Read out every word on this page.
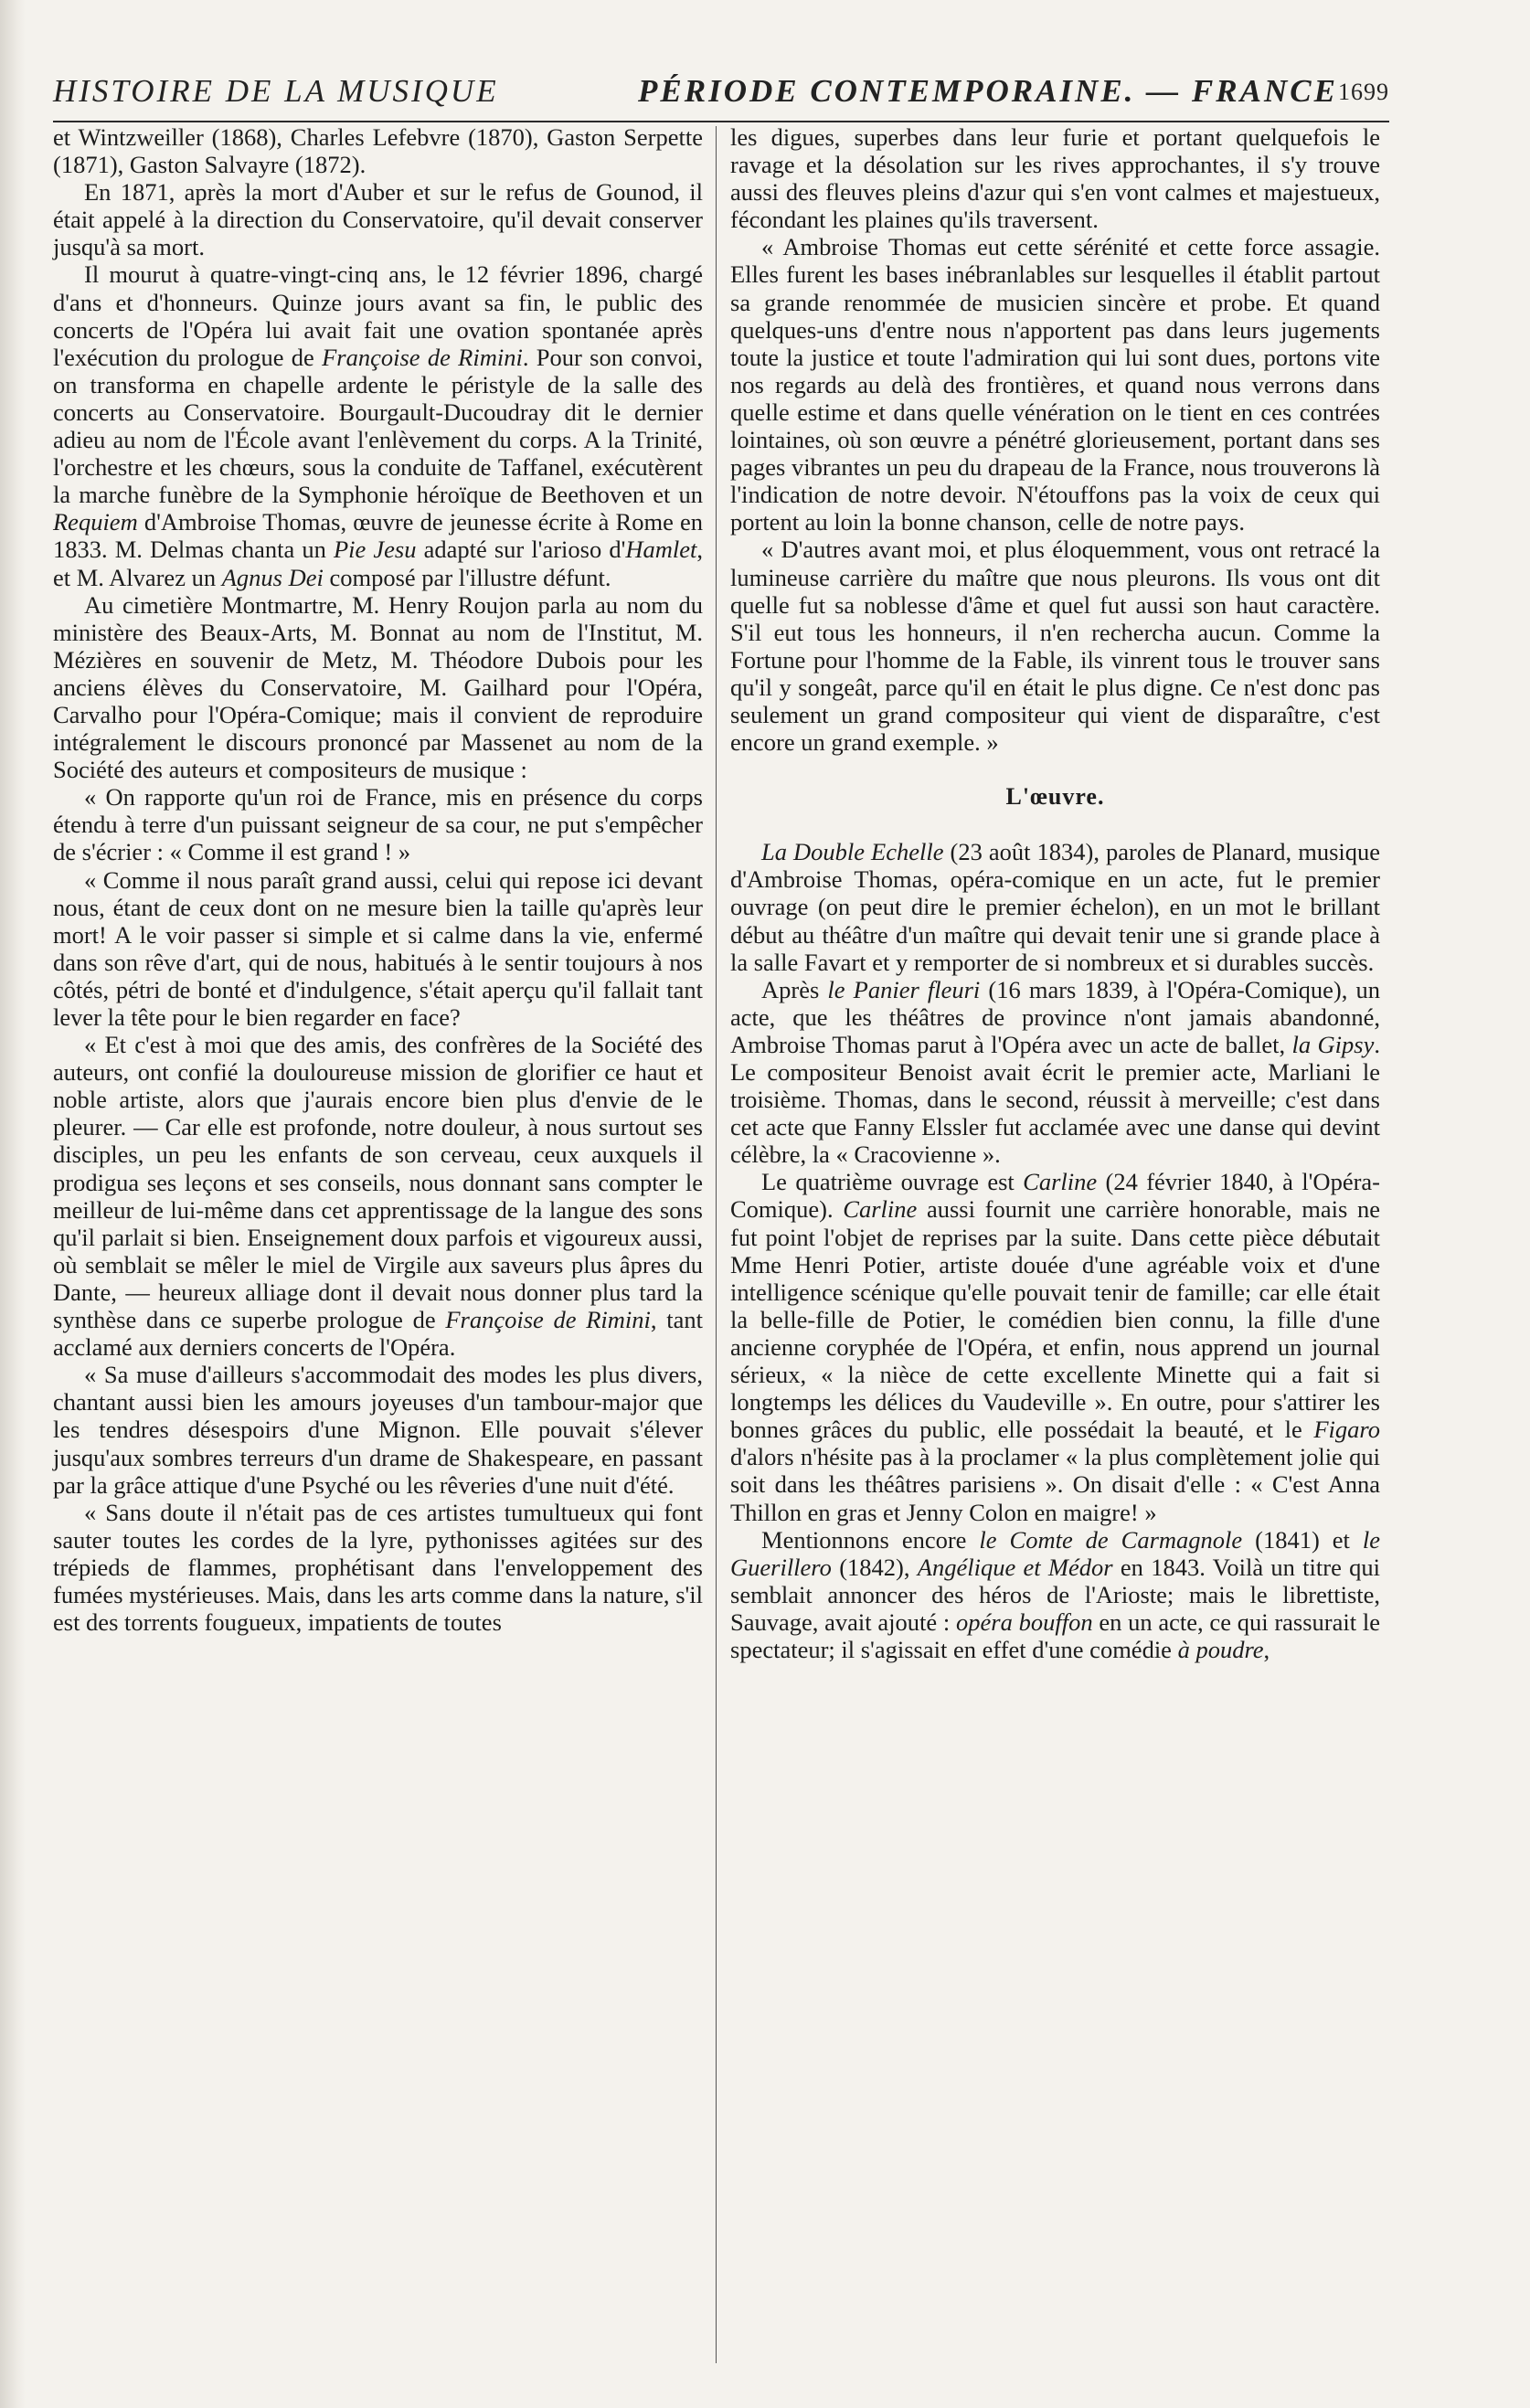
HISTOIRE DE LA MUSIQUE	PÉRIODE CONTEMPORAINE. — FRANCE 1699

et Wintzweiller (1868), Charles Lefebvre (1870), Gaston Serpette (1871), Gaston Salvayre (1872).

En 1871, après la mort d'Auber et sur le refus de Gounod, il était appelé à la direction du Conservatoire, qu'il devait conserver jusqu'à sa mort.

Il mourut à quatre-vingt-cinq ans, le 12 février 1896, chargé d'ans et d'honneurs. Quinze jours avant sa fin, le public des concerts de l'Opéra lui avait fait une ovation spontanée après l'exécution du prologue de Françoise de Rimini. Pour son convoi, on transforma en chapelle ardente le péristyle de la salle des concerts au Conservatoire. Bourgault-Ducoudray dit le dernier adieu au nom de l'École avant l'enlèvement du corps. A la Trinité, l'orchestre et les chœurs, sous la conduite de Taffanel, exécutèrent la marche funèbre de la Symphonie héroïque de Beethoven et un Requiem d'Ambroise Thomas, œuvre de jeunesse écrite à Rome en 1833. M. Delmas chanta un Pie Jesu adapté sur l'arioso d'Hamlet, et M. Alvarez un Agnus Dei composé par l'illustre défunt.

Au cimetière Montmartre, M. Henry Roujon parla au nom du ministère des Beaux-Arts, M. Bonnat au nom de l'Institut, M. Mézières en souvenir de Metz, M. Théodore Dubois pour les anciens élèves du Conservatoire, M. Gailhard pour l'Opéra, Carvalho pour l'Opéra-Comique; mais il convient de reproduire intégralement le discours prononcé par Massenet au nom de la Société des auteurs et compositeurs de musique :

« On rapporte qu'un roi de France, mis en présence du corps étendu à terre d'un puissant seigneur de sa cour, ne put s'empêcher de s'écrier : « Comme il est grand ! »

« Comme il nous paraît grand aussi, celui qui repose ici devant nous, étant de ceux dont on ne mesure bien la taille qu'après leur mort! A le voir passer si simple et si calme dans la vie, enfermé dans son rêve d'art, qui de nous, habitués à le sentir toujours à nos côtés, pétri de bonté et d'indulgence, s'était aperçu qu'il fallait tant lever la tête pour le bien regarder en face?

« Et c'est à moi que des amis, des confrères de la Société des auteurs, ont confié la douloureuse mission de glorifier ce haut et noble artiste, alors que j'aurais encore bien plus d'envie de le pleurer. — Car elle est profonde, notre douleur, à nous surtout ses disciples, un peu les enfants de son cerveau, ceux auxquels il prodigua ses leçons et ses conseils, nous donnant sans compter le meilleur de lui-même dans cet apprentissage de la langue des sons qu'il parlait si bien. Enseignement doux parfois et vigoureux aussi, où semblait se mêler le miel de Virgile aux saveurs plus âpres du Dante, — heureux alliage dont il devait nous donner plus tard la synthèse dans ce superbe prologue de Françoise de Rimini, tant acclamé aux derniers concerts de l'Opéra.

« Sa muse d'ailleurs s'accommodait des modes les plus divers, chantant aussi bien les amours joyeuses d'un tambour-major que les tendres désespoirs d'une Mignon. Elle pouvait s'élever jusqu'aux sombres terreurs d'un drame de Shakespeare, en passant par la grâce attique d'une Psyché ou les rêveries d'une nuit d'été.

« Sans doute il n'était pas de ces artistes tumultueux qui font sauter toutes les cordes de la lyre, pythonisses agitées sur des trépieds de flammes, prophétisant dans l'enveloppement des fumées mystérieuses. Mais, dans les arts comme dans la nature, s'il est des torrents fougueux, impatients de toutes

les digues, superbes dans leur furie et portant quelquefois le ravage et la désolation sur les rives approchantes, il s'y trouve aussi des fleuves pleins d'azur qui s'en vont calmes et majestueux, fécondant les plaines qu'ils traversent.

« Ambroise Thomas eut cette sérénité et cette force assagie. Elles furent les bases inébranlables sur lesquelles il établit partout sa grande renommée de musicien sincère et probe. Et quand quelques-uns d'entre nous n'apportent pas dans leurs jugements toute la justice et toute l'admiration qui lui sont dues, portons vite nos regards au delà des frontières, et quand nous verrons dans quelle estime et dans quelle vénération on le tient en ces contrées lointaines, où son œuvre a pénétré glorieusement, portant dans ses pages vibrantes un peu du drapeau de la France, nous trouverons là l'indication de notre devoir. N'étouffons pas la voix de ceux qui portent au loin la bonne chanson, celle de notre pays.

« D'autres avant moi, et plus éloquemment, vous ont retracé la lumineuse carrière du maître que nous pleurons. Ils vous ont dit quelle fut sa noblesse d'âme et quel fut aussi son haut caractère. S'il eut tous les honneurs, il n'en rechercha aucun. Comme la Fortune pour l'homme de la Fable, ils vinrent tous le trouver sans qu'il y songeât, parce qu'il en était le plus digne. Ce n'est donc pas seulement un grand compositeur qui vient de disparaître, c'est encore un grand exemple. »

L'œuvre.

La Double Echelle (23 août 1834), paroles de Planard, musique d'Ambroise Thomas, opéra-comique en un acte, fut le premier ouvrage (on peut dire le premier échelon), en un mot le brillant début au théâtre d'un maître qui devait tenir une si grande place à la salle Favart et y remporter de si nombreux et si durables succès.

Après le Panier fleuri (16 mars 1839, à l'Opéra-Comique), un acte, que les théâtres de province n'ont jamais abandonné, Ambroise Thomas parut à l'Opéra avec un acte de ballet, la Gipsy. Le compositeur Benoist avait écrit le premier acte, Marliani le troisième. Thomas, dans le second, réussit à merveille; c'est dans cet acte que Fanny Elssler fut acclamée avec une danse qui devint célèbre, la « Cracovienne ».

Le quatrième ouvrage est Carline (24 février 1840, à l'Opéra-Comique). Carline aussi fournit une carrière honorable, mais ne fut point l'objet de reprises par la suite. Dans cette pièce débutait Mme Henri Potier, artiste douée d'une agréable voix et d'une intelligence scénique qu'elle pouvait tenir de famille; car elle était la belle-fille de Potier, le comédien bien connu, la fille d'une ancienne coryphée de l'Opéra, et enfin, nous apprend un journal sérieux, « la nièce de cette excellente Minette qui a fait si longtemps les délices du Vaudeville ». En outre, pour s'attirer les bonnes grâces du public, elle possédait la beauté, et le Figaro d'alors n'hésite pas à la proclamer « la plus complètement jolie qui soit dans les théâtres parisiens ». On disait d'elle : « C'est Anna Thillon en gras et Jenny Colon en maigre! »

Mentionnons encore le Comte de Carmagnole (1841) et le Guerillero (1842), Angélique et Médor en 1843. Voilà un titre qui semblait annoncer des héros de l'Arioste; mais le librettiste, Sauvage, avait ajouté : opéra bouffon en un acte, ce qui rassurait le spectateur; il s'agissait en effet d'une comédie à poudre,
